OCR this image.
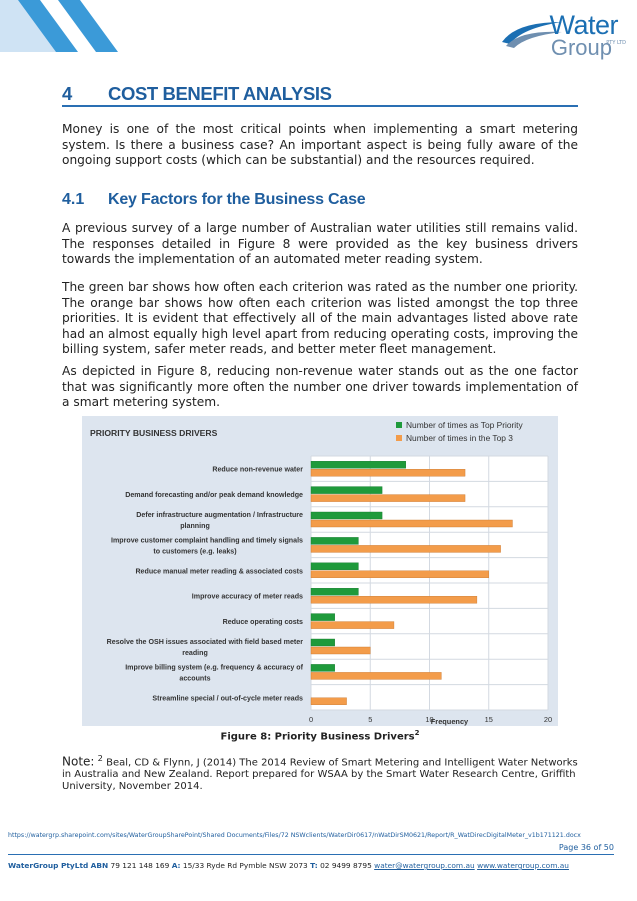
Water
Group
PTY LTD
4 COST BENEFIT ANALYSIS
Money is one of the most critical points when implementing a smart metering system. Is there a business case? An important aspect is being fully aware of the ongoing support costs (which can be substantial) and the resources required.
4.1 Key Factors for the Business Case
A previous survey of a large number of Australian water utilities still remains valid. The responses detailed in Figure 8 were provided as the key business drivers towards the implementation of an automated meter reading system.
The green bar shows how often each criterion was rated as the number one priority. The orange bar shows how often each criterion was listed amongst the top three priorities. It is evident that effectively all of the main advantages listed above rate had an almost equally high level apart from reducing operating costs, improving the billing system, safer meter reads, and better meter fleet management.
As depicted in Figure 8, reducing non-revenue water stands out as the one factor that was significantly more often the number one driver towards implementation of a smart metering system.
PRIORITY BUSINESS DRIVERS
Number of times as Top Priority
Number of times in the Top 3
Reduce non-revenue water
Demand forecasting and/or peak demand knowledge
Defer infrastructure augmentation / Infrastructure
planning
Improve customer complaint handling and timely signals
to customers (e.g. leaks)
Reduce manual meter reading & associated costs
Improve accuracy of meter reads
Reduce operating costs
Resolve the OSH issues associated with field based meter
reading
Improve billing system (e.g. frequency & accuracy of
accounts
Streamline special / out-of-cycle meter reads
0	5	10	15	20
Frequency
Figure 8: Priority Business Drivers$^2$
Note: $^2$ Beal, CD & Flynn, J (2014) The 2014 Review of Smart Metering and Intelligent Water Networks in Australia and New Zealand. Report prepared for WSAA by the Smart Water Research Centre, Griffith University, November 2014.
https://watergrp.sharepoint.com/sites/WaterGroupSharePoint/Shared Documents/Files/72 NSWclients/WaterDir0617/nWatDirSM0621/Report/R_WatDirecDigitalMeter_v1b171121.docx
Page 36 of 50
WaterGroup PtyLtd ABN 79 121 148 169 A: 15/33 Ryde Rd Pymble NSW 2073 T: 02 9499 8795 water@watergroup.com.au www.watergroup.com.au
